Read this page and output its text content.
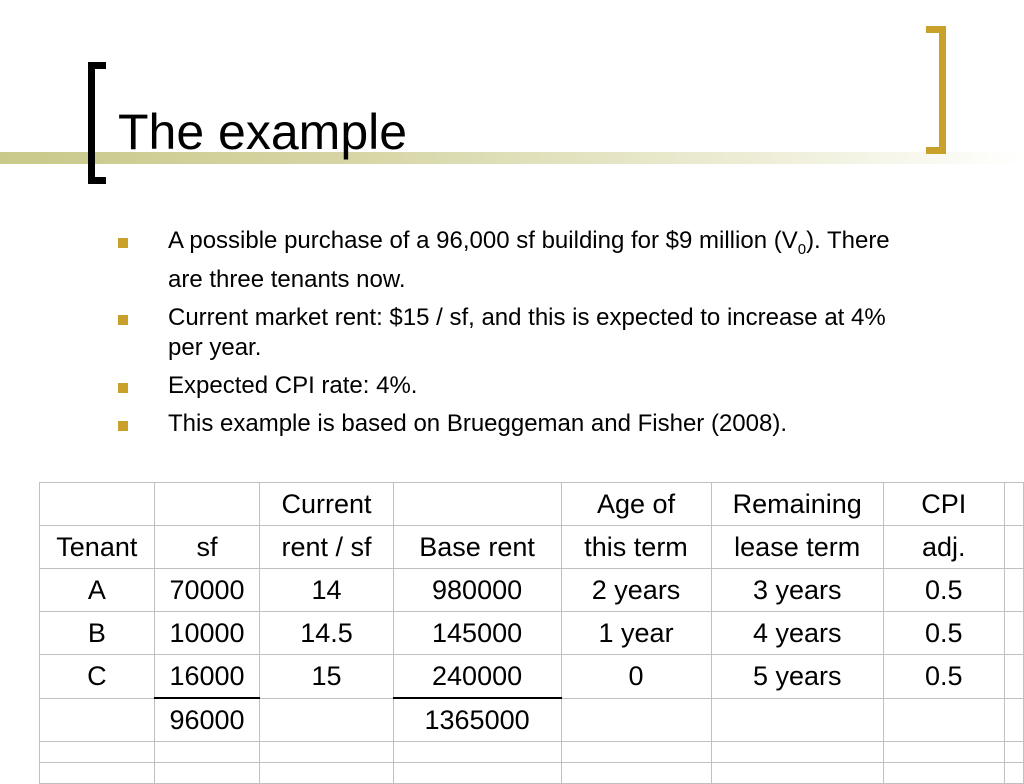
The example
A possible purchase of a 96,000 sf building for $9 million $(V_0)$. There are three tenants now.
Current market rent: $15 / sf, and this is expected to increase at 4% per year.
Expected CPI rate: 4%.
This example is based on Brueggeman and Fisher (2008).
		Current		Age of	Remaining	CPI	
Tenant	sf	rent / sf	Base rent	this term	lease term	adj.	
A	70000	14	980000	2 years	3 years	0.5	
B	10000	14.5	145000	1 year	4 years	0.5	
C	16000	15	240000	0	5 years	0.5	
	96000		1365000				
